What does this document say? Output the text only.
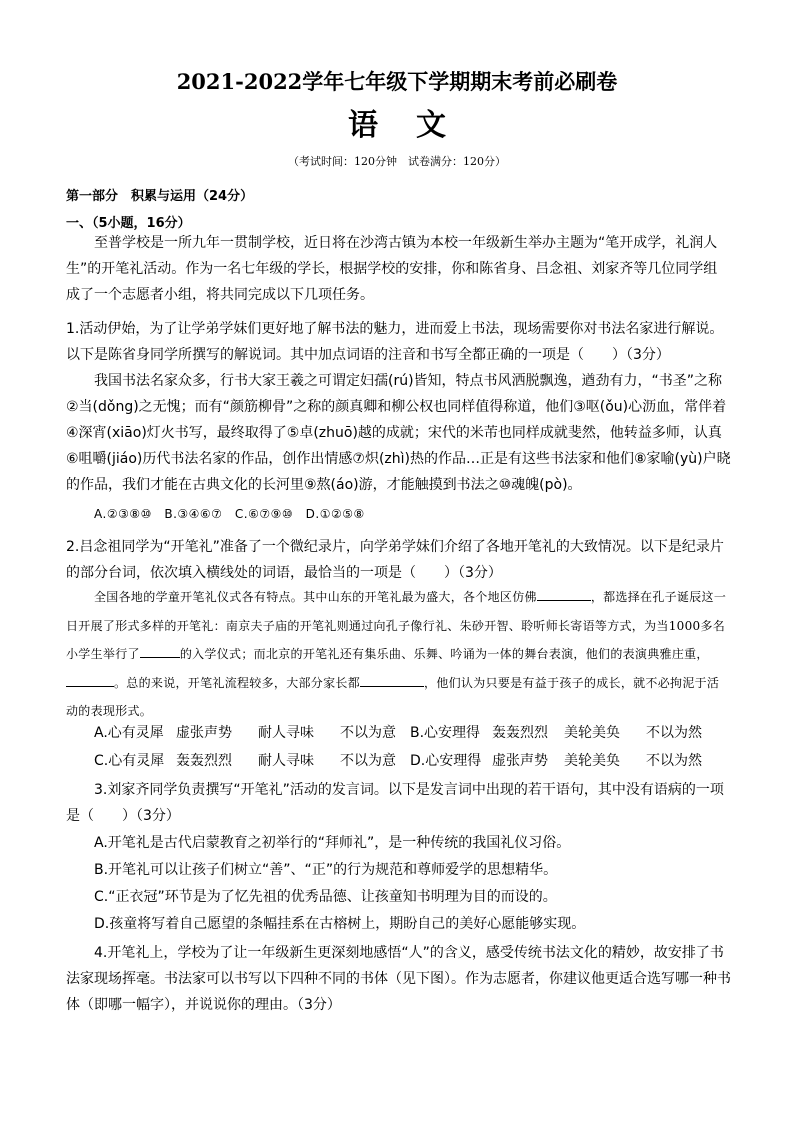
2021-2022学年七年级下学期期末考前必刷卷

语文

（考试时间：120分钟　试卷满分：120分）

第一部分　积累与运用（24分）

一、（5小题，16分）

至普学校是一所九年一贯制学校，近日将在沙湾古镇为本校一年级新生举办主题为“笔开成学，礼润人生”的开笔礼活动。作为一名七年级的学长，根据学校的安排，你和陈省身、吕念祖、刘家齐等几位同学组成了一个志愿者小组，将共同完成以下几项任务。

1.活动伊始，为了让学弟学妹们更好地了解书法的魅力，进而爱上书法，现场需要你对书法名家进行解说。以下是陈省身同学所撰写的解说词。其中加点词语的注音和书写全都正确的一项是（　　）（3分）

我国书法名家众多，行书大家王羲之可谓定妇孺(rú)皆知，特点书风洒脱飘逸，遒劲有力，“书圣”之称②当(dǒng)之无愧；而有“颜筋柳骨”之称的颜真卿和柳公权也同样值得称道，他们③呕(ǒu)心沥血，常伴着④深宵(xiāo)灯火书写，最终取得了⑤卓(zhuō)越的成就；宋代的米芾也同样成就斐然，他转益多师，认真⑥咀嚼(jiáo)历代书法名家的作品，创作出情感⑦炽(zhì)热的作品…正是有这些书法家和他们⑧家喻(yù)户晓的作品，我们才能在古典文化的长河里⑨熬(áo)游，才能触摸到书法之⑩魂魄(pò)。

A.②③⑧⑩　B.③④⑥⑦　C.⑥⑦⑨⑩　D.①②⑤⑧

2.吕念祖同学为“开笔礼”准备了一个微纪录片，向学弟学妹们介绍了各地开笔礼的大致情况。以下是纪录片的部分台词，依次填入横线处的词语，最恰当的一项是（　　）（3分）

全国各地的学童开笔礼仪式各有特点。其中山东的开笔礼最为盛大，各个地区仿佛	，都选择在孔子诞辰这一日开展了形式多样的开笔礼：南京夫子庙的开笔礼则通过向孔子像行礼、朱砂开智、聆听师长寄语等方式，为当1000多名小学生举行了	的入学仪式；而北京的开笔礼还有集乐曲、乐舞、吟诵为一体的舞台表演，他们的表演典雅庄重，。总的来说，开笔礼流程较多，大部分家长都	，他们认为只要是有益于孩子的成长，就不必拘泥于活动的表现形式。

A.心有灵犀 虚张声势 耐人寻味 不以为意	B.心安理得 轰轰烈烈 美轮美奂 不以为然
C.心有灵犀 轰轰烈烈 耐人寻味 不以为意	D.心安理得 虚张声势 美轮美奂 不以为然

3.刘家齐同学负责撰写“开笔礼”活动的发言词。以下是发言词中出现的若干语句，其中没有语病的一项是（　　）（3分）

A.开笔礼是古代启蒙教育之初举行的“拜师礼”，是一种传统的我国礼仪习俗。

B.开笔礼可以让孩子们树立“善”、“正”的行为规范和尊师爱学的思想精华。

C.“正衣冠”环节是为了忆先祖的优秀品德、让孩童知书明理为目的而设的。

D.孩童将写着自己愿望的条幅挂系在古榕树上，期盼自己的美好心愿能够实现。

4.开笔礼上，学校为了让一年级新生更深刻地感悟“人”的含义，感受传统书法文化的精妙，故安排了书法家现场挥毫。书法家可以书写以下四种不同的书体（见下图）。作为志愿者，你建议他更适合选写哪一种书体（即哪一幅字），并说说你的理由。（3分）
